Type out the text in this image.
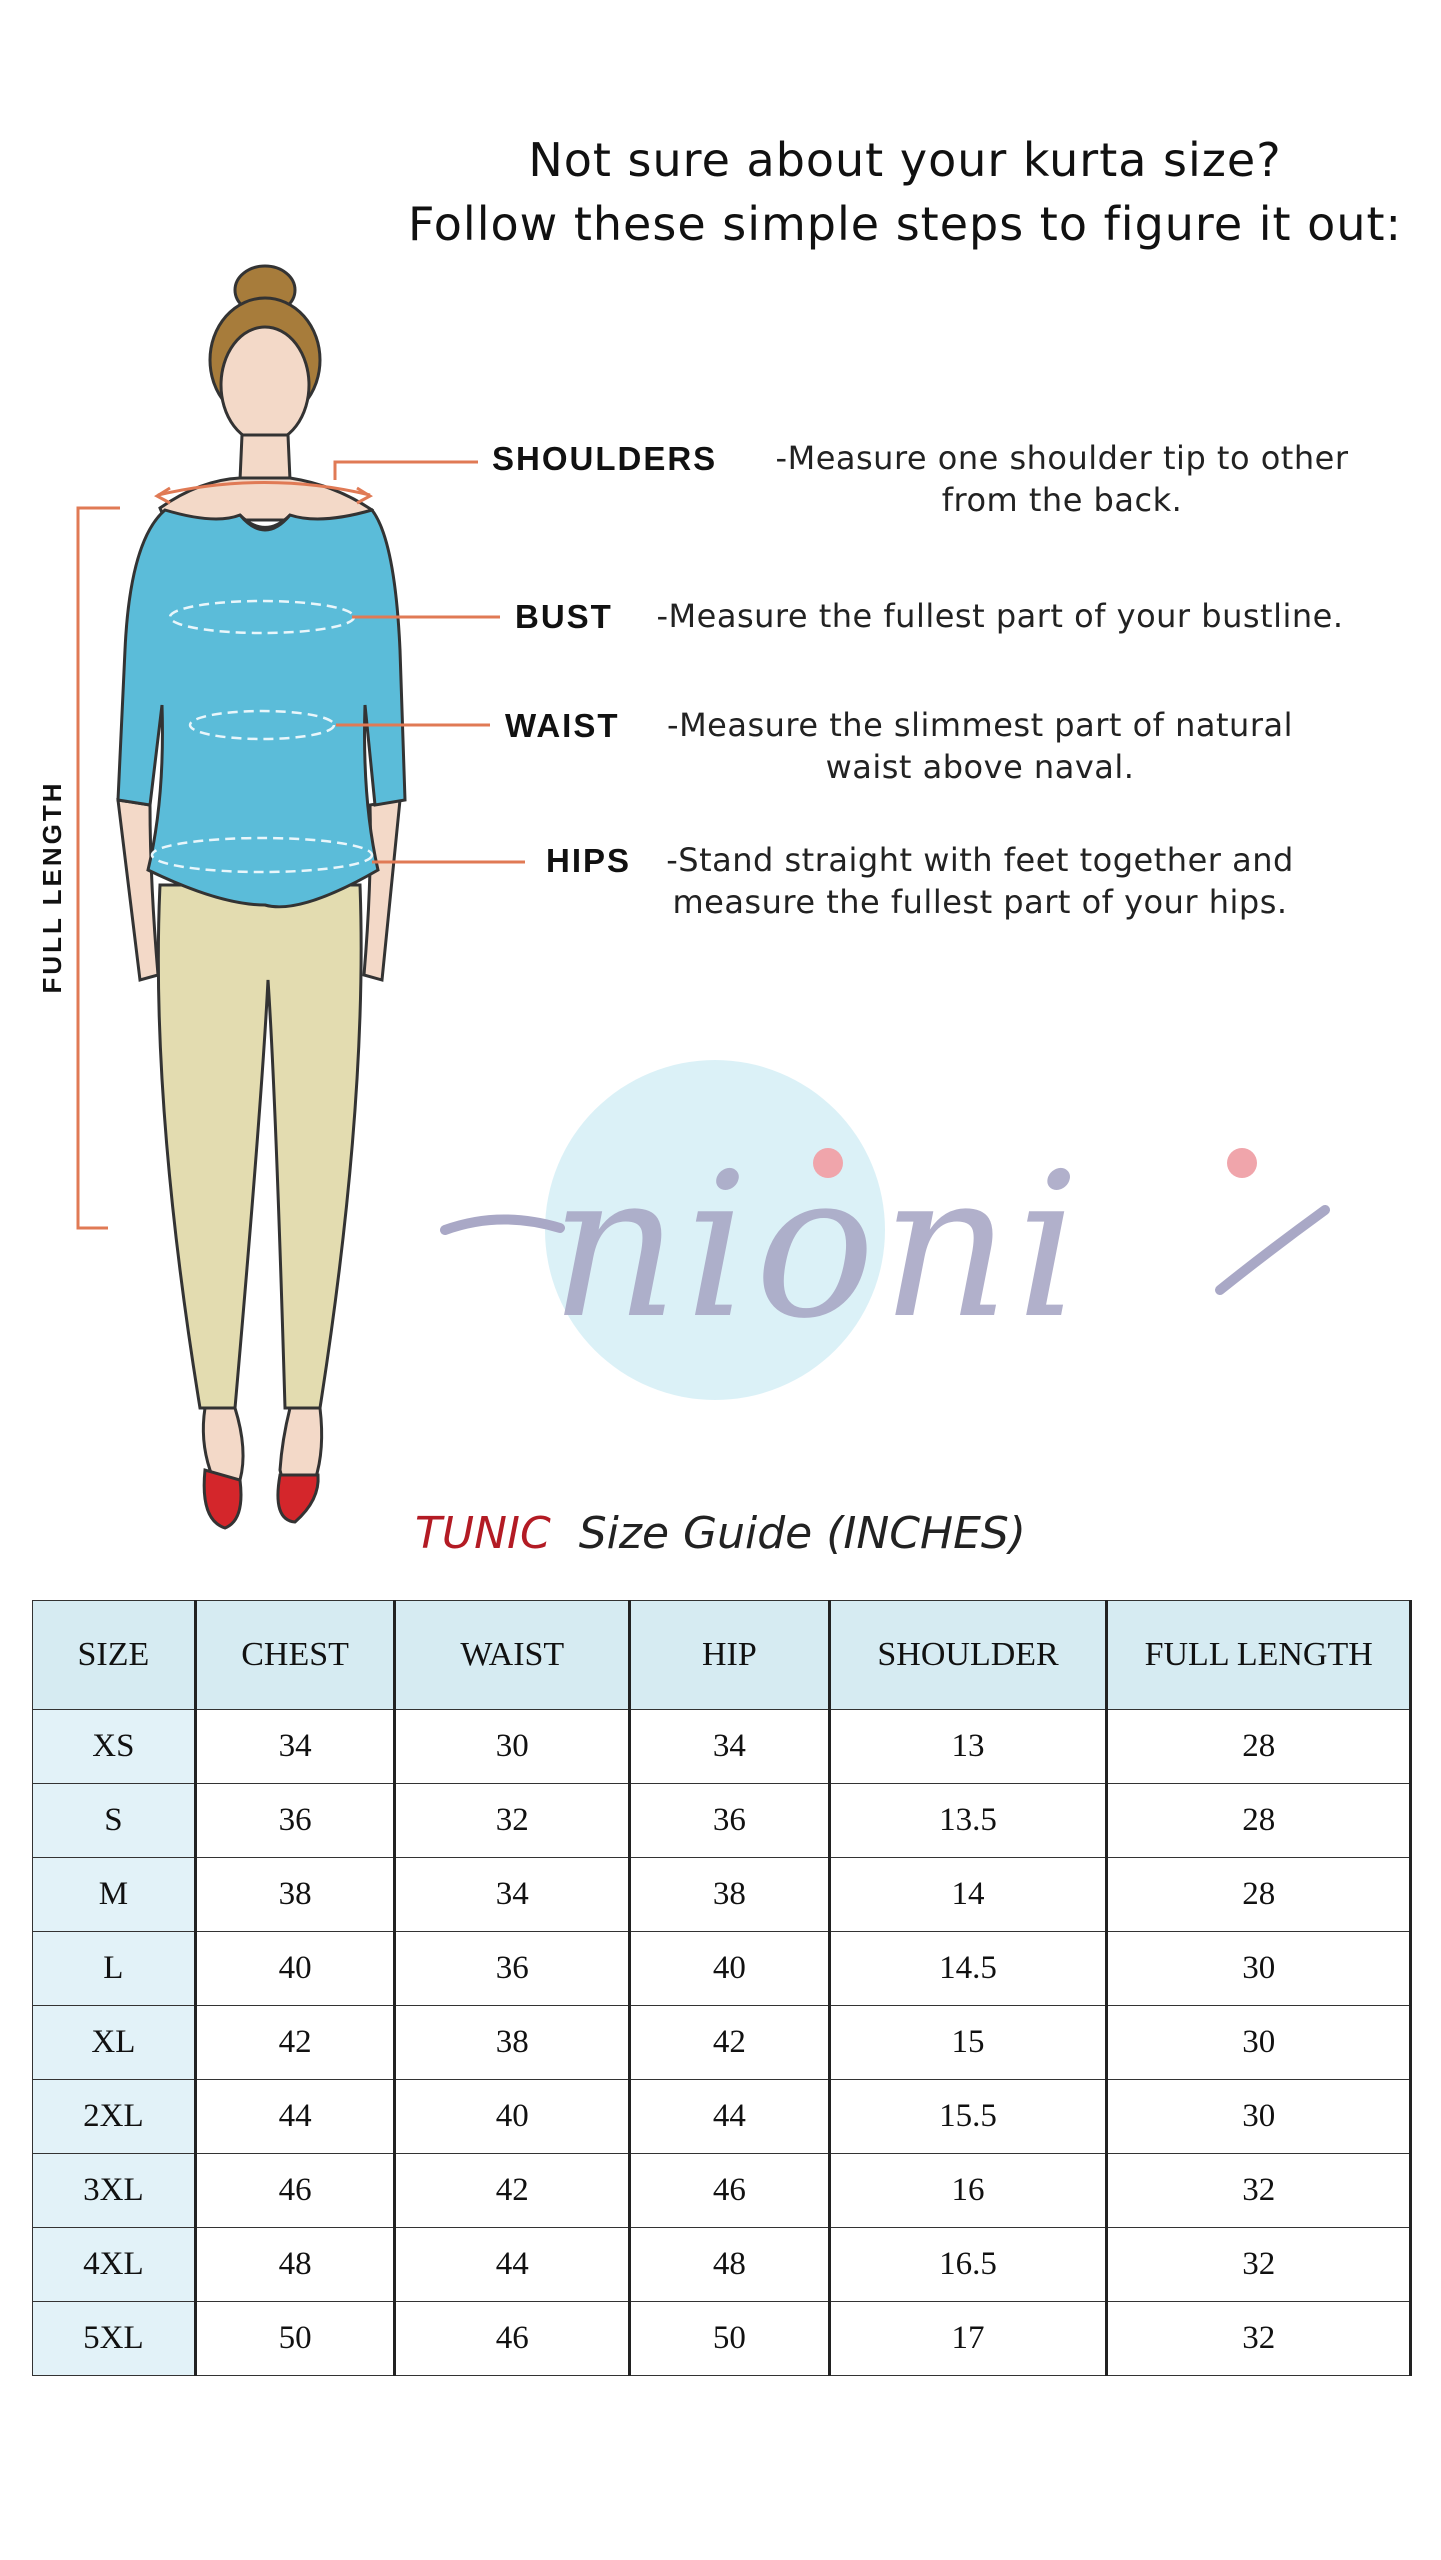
Not sure about your kurta size?
Follow these simple steps to figure it out:
FULL LENGTH
SHOULDERS	-Measure one shoulder tip to other
from the back.
BUST	-Measure the fullest part of your bustline.
WAIST	-Measure the slimmest part of natural
waist above naval.
HIPS -Stand straight with feet together and
measure the fullest part of your hips.
nioni
TUNIC Size Guide (INCHES)
SIZE	CHEST	WAIST	HIP	SHOULDER	FULL LENGTH
XS	34	30	34	13	28
S	36	32	36	13.5	28
M	38	34	38	14	28
L	40	36	40	14.5	30
XL	42	38	42	15	30
2XL	44	40	44	15.5	30
3XL	46	42	46	16	32
4XL	48	44	48	16.5	32
5XL	50	46	50	17	32
